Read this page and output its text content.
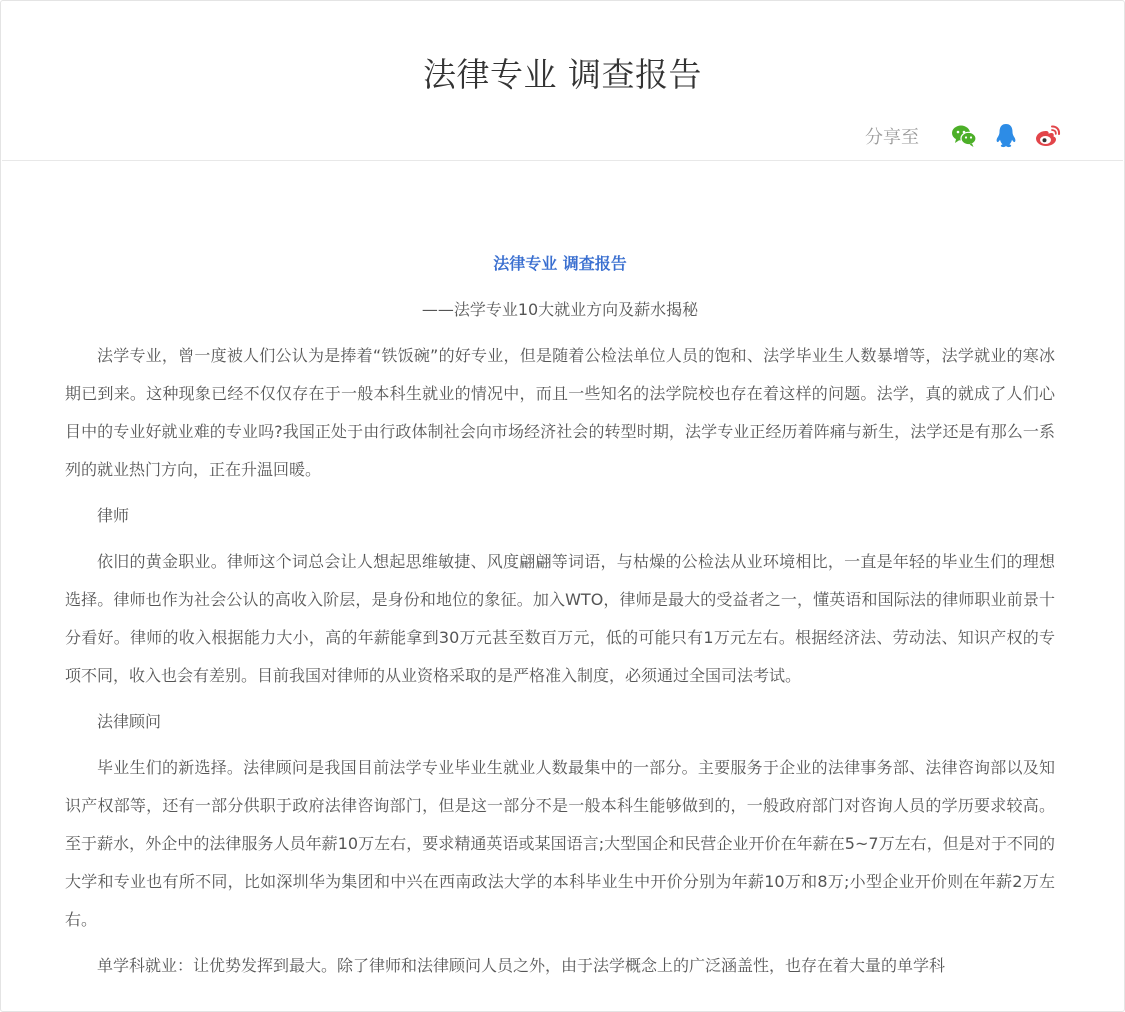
法律专业 调查报告
分享至
法律专业 调查报告

——法学专业10大就业方向及薪水揭秘

法学专业，曾一度被人们公认为是捧着“铁饭碗”的好专业，但是随着公检法单位人员的饱和、法学毕业生人数暴增等，法学就业的寒冰期已到来。这种现象已经不仅仅存在于一般本科生就业的情况中，而且一些知名的法学院校也存在着这样的问题。法学，真的就成了人们心目中的专业好就业难的专业吗?我国正处于由行政体制社会向市场经济社会的转型时期，法学专业正经历着阵痛与新生，法学还是有那么一系列的就业热门方向，正在升温回暖。

律师

依旧的黄金职业。律师这个词总会让人想起思维敏捷、风度翩翩等词语，与枯燥的公检法从业环境相比，一直是年轻的毕业生们的理想选择。律师也作为社会公认的高收入阶层，是身份和地位的象征。加入WTO，律师是最大的受益者之一，懂英语和国际法的律师职业前景十分看好。律师的收入根据能力大小，高的年薪能拿到30万元甚至数百万元，低的可能只有1万元左右。根据经济法、劳动法、知识产权的专项不同，收入也会有差别。目前我国对律师的从业资格采取的是严格准入制度，必须通过全国司法考试。

法律顾问

毕业生们的新选择。法律顾问是我国目前法学专业毕业生就业人数最集中的一部分。主要服务于企业的法律事务部、法律咨询部以及知识产权部等，还有一部分供职于政府法律咨询部门，但是这一部分不是一般本科生能够做到的，一般政府部门对咨询人员的学历要求较高。至于薪水，外企中的法律服务人员年薪10万左右，要求精通英语或某国语言;大型国企和民营企业开价在年薪在5~7万左右，但是对于不同的大学和专业也有所不同，比如深圳华为集团和中兴在西南政法大学的本科毕业生中开价分别为年薪10万和8万;小型企业开价则在年薪2万左右。

单学科就业：让优势发挥到最大。除了律师和法律顾问人员之外，由于法学概念上的广泛涵盖性，也存在着大量的单学科
